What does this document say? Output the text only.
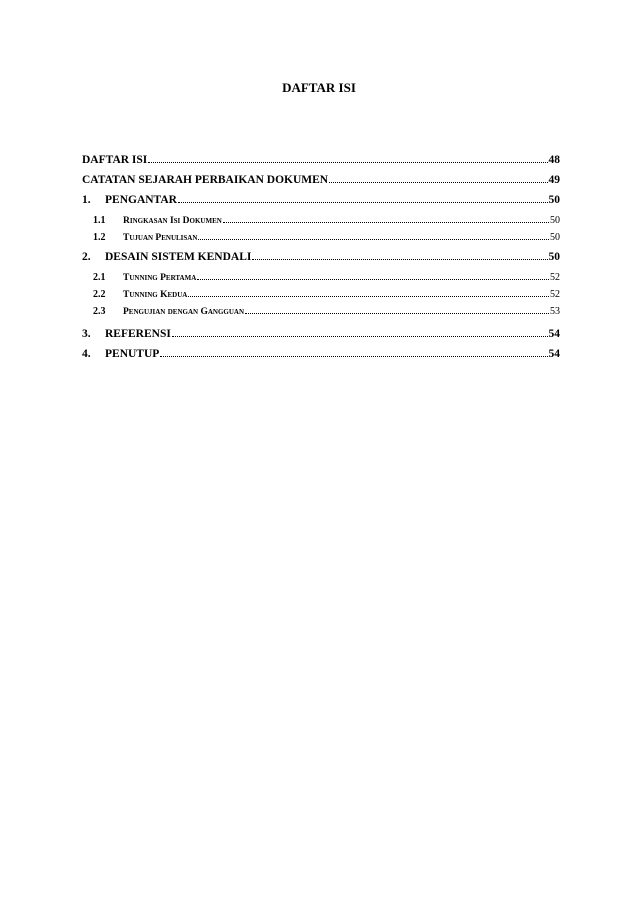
DAFTAR ISI
DAFTAR ISI	48
CATATAN SEJARAH PERBAIKAN DOKUMEN	49
1.	PENGANTAR	50
1.1	Ringkasan Isi Dokumen	50
1.2	Tujuan Penulisan	50
2.	DESAIN SISTEM KENDALI	50
2.1	Tunning Pertama	52
2.2	Tunning Kedua	52
2.3	Pengujian dengan Gangguan	53
3.	REFERENSI	54
4.	PENUTUP	54
